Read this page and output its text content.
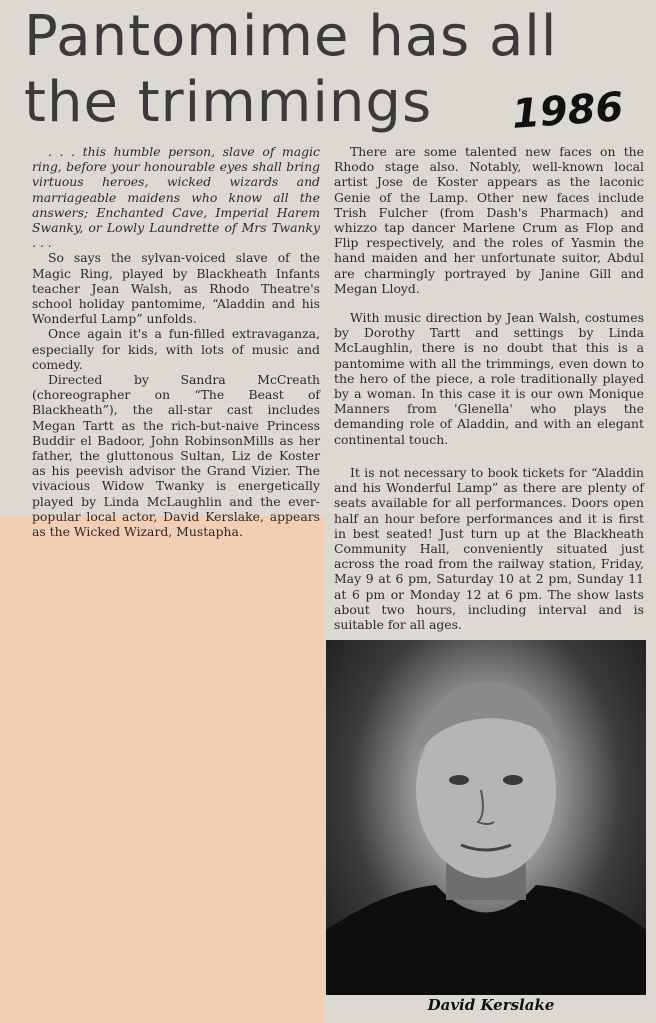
Pantomime has all the trimmings	1986

. . . this humble person, slave of magic ring, before your honourable eyes shall bring virtuous heroes, wicked wizards and marriageable maidens who know all the answers; Enchanted Cave, Imperial Harem Swanky, or Lowly Laundrette of Mrs Twanky . . .

So says the sylvan-voiced slave of the Magic Ring, played by Blackheath Infants teacher Jean Walsh, as Rhodo Theatre's school holiday pantomime, “Aladdin and his Wonderful Lamp” unfolds.

Once again it's a fun-filled extravaganza, especially for kids, with lots of music and comedy.

Directed by Sandra McCreath (choreographer on “The Beast of Blackheath”), the all-star cast includes Megan Tartt as the rich-but-naive Princess Buddir el Badoor, John RobinsonMills as her father, the gluttonous Sultan, Liz de Koster as his peevish advisor the Grand Vizier. The vivacious Widow Twanky is energetically played by Linda McLaughlin and the ever-popular local actor, David Kerslake, appears as the Wicked Wizard, Mustapha.

There are some talented new faces on the Rhodo stage also. Notably, well-known local artist Jose de Koster appears as the laconic Genie of the Lamp. Other new faces include Trish Fulcher (from Dash's Pharmach) and whizzo tap dancer Marlene Crum as Flop and Flip respectively, and the roles of Yasmin the hand maiden and her unfortunate suitor, Abdul are charmingly portrayed by Janine Gill and Megan Lloyd.

With music direction by Jean Walsh, costumes by Dorothy Tartt and settings by Linda McLaughlin, there is no doubt that this is a pantomime with all the trimmings, even down to the hero of the piece, a role traditionally played by a woman. In this case it is our own Monique Manners from 'Glenella' who plays the demanding role of Aladdin, and with an elegant continental touch.

It is not necessary to book tickets for “Aladdin and his Wonderful Lamp” as there are plenty of seats available for all performances. Doors open half an hour before performances and it is first in best seated! Just turn up at the Blackheath Community Hall, conveniently situated just across the road from the railway station, Friday, May 9 at 6 pm, Saturday 10 at 2 pm, Sunday 11 at 6 pm or Monday 12 at 6 pm. The show lasts about two hours, including interval and is suitable for all ages.

David Kerslake
